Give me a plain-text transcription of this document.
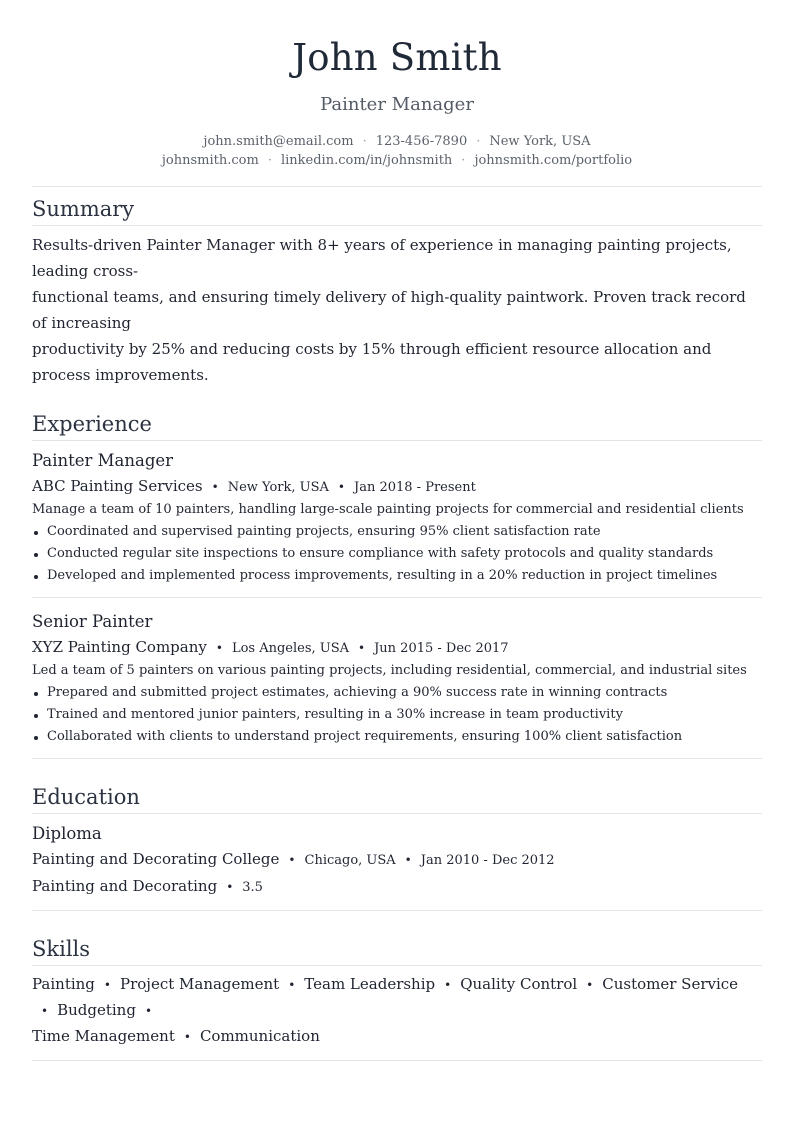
John Smith
Painter Manager
john.smith@email.com · 123-456-7890 · New York, USA
johnsmith.com · linkedin.com/in/johnsmith · johnsmith.com/portfolio
Summary
Results-driven Painter Manager with 8+ years of experience in managing painting projects, leading cross-
functional teams, and ensuring timely delivery of high-quality paintwork. Proven track record of increasing
productivity by 25% and reducing costs by 15% through efficient resource allocation and process improvements.
Experience
Painter Manager
ABC Painting Services • New York, USA • Jan 2018 - Present
Manage a team of 10 painters, handling large-scale painting projects for commercial and residential clients
Coordinated and supervised painting projects, ensuring 95% client satisfaction rate
Conducted regular site inspections to ensure compliance with safety protocols and quality standards
Developed and implemented process improvements, resulting in a 20% reduction in project timelines
Senior Painter
XYZ Painting Company • Los Angeles, USA • Jun 2015 - Dec 2017
Led a team of 5 painters on various painting projects, including residential, commercial, and industrial sites
Prepared and submitted project estimates, achieving a 90% success rate in winning contracts
Trained and mentored junior painters, resulting in a 30% increase in team productivity
Collaborated with clients to understand project requirements, ensuring 100% client satisfaction
Education
Diploma
Painting and Decorating College • Chicago, USA • Jan 2010 - Dec 2012
Painting and Decorating • 3.5
Skills
Painting • Project Management • Team Leadership • Quality Control • Customer Service• Budgeting •
Time Management • Communication
